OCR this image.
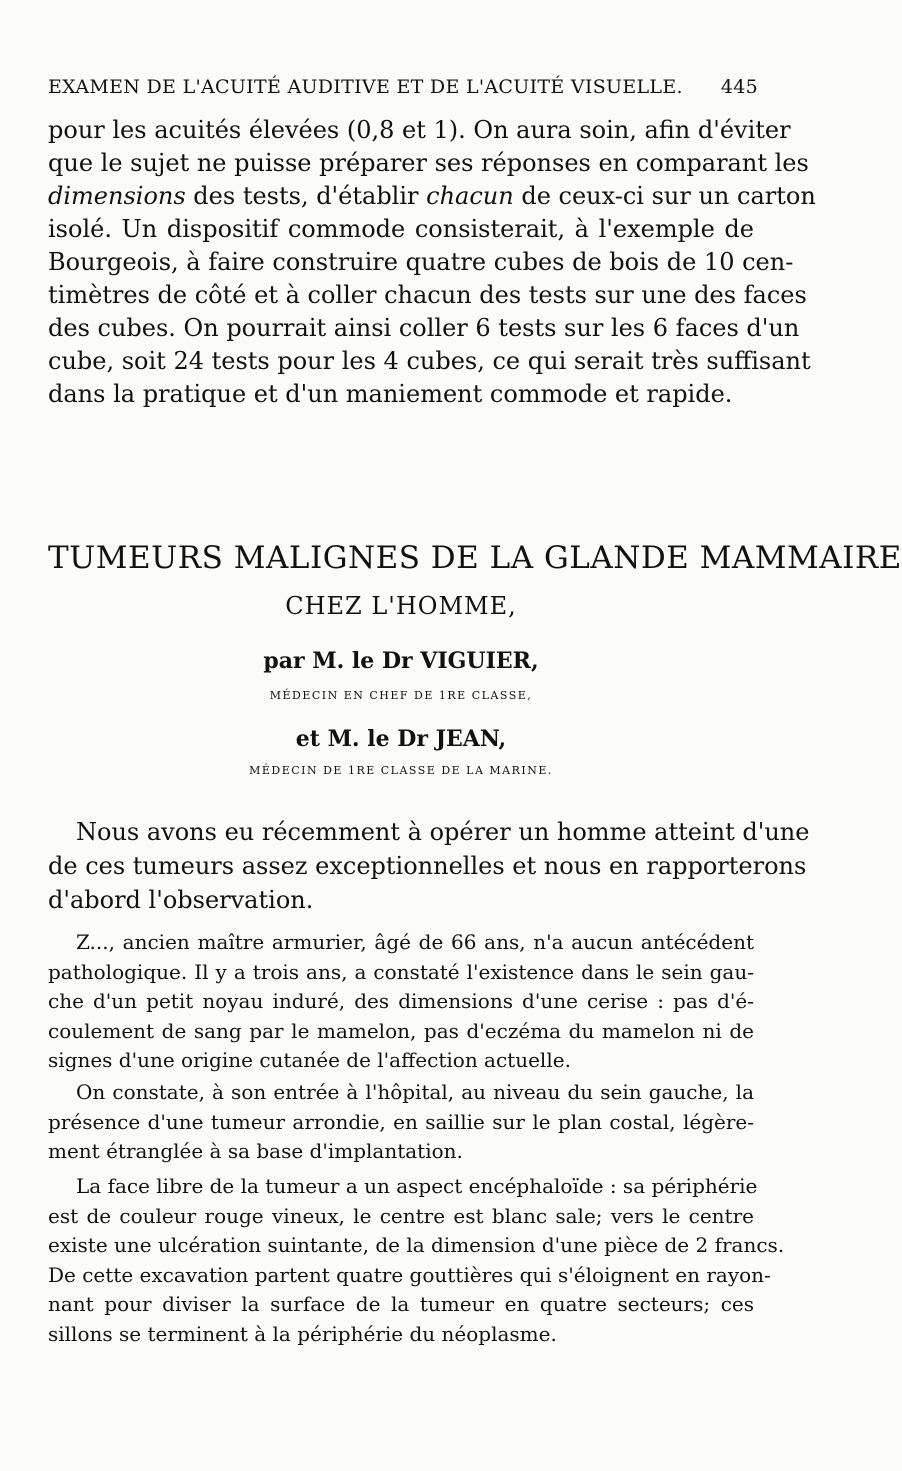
EXAMEN DE L'ACUITÉ AUDITIVE ET DE L'ACUITÉ VISUELLE. 445

pour les acuités élevées (0,8 et 1). On aura soin, afin d'éviter
que le sujet ne puisse préparer ses réponses en comparant les
dimensions des tests, d'établir chacun de ceux-ci sur un carton
isolé. Un dispositif commode consisterait, à l'exemple de
Bourgeois, à faire construire quatre cubes de bois de 10 cen-
timètres de côté et à coller chacun des tests sur une des faces
des cubes. On pourrait ainsi coller 6 tests sur les 6 faces d'un
cube, soit 24 tests pour les 4 cubes, ce qui serait très suffisant
dans la pratique et d'un maniement commode et rapide.

TUMEURS MALIGNES DE LA GLANDE MAMMAIRE
CHEZ L'HOMME,
par M. le Dr VIGUIER,
MÉDECIN EN CHEF DE 1RE CLASSE,
et M. le Dr JEAN,
MÉDECIN DE 1RE CLASSE DE LA MARINE.

Nous avons eu récemment à opérer un homme atteint d'une
de ces tumeurs assez exceptionnelles et nous en rapporterons
d'abord l'observation.

Z..., ancien maître armurier, âgé de 66 ans, n'a aucun antécédent
pathologique. Il y a trois ans, a constaté l'existence dans le sein gau-
che d'un petit noyau induré, des dimensions d'une cerise : pas d'é-
coulement de sang par le mamelon, pas d'eczéma du mamelon ni de
signes d'une origine cutanée de l'affection actuelle.

On constate, à son entrée à l'hôpital, au niveau du sein gauche, la
présence d'une tumeur arrondie, en saillie sur le plan costal, légère-
ment étranglée à sa base d'implantation.

La face libre de la tumeur a un aspect encéphaloïde : sa périphérie
est de couleur rouge vineux, le centre est blanc sale; vers le centre
existe une ulcération suintante, de la dimension d'une pièce de 2 francs.
De cette excavation partent quatre gouttières qui s'éloignent en rayon-
nant pour diviser la surface de la tumeur en quatre secteurs; ces
sillons se terminent à la périphérie du néoplasme.
